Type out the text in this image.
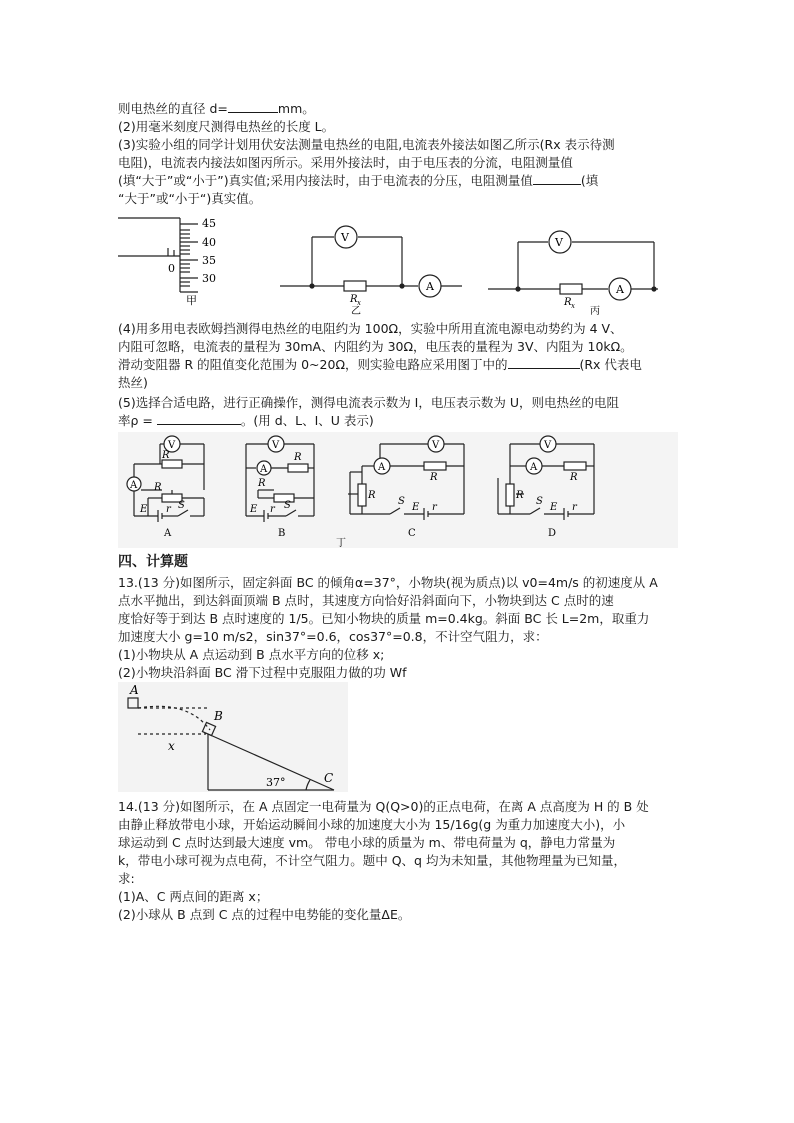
则电热丝的直径 d=	mm。
(2)用毫米刻度尺测得电热丝的长度 L。
(3)实验小组的同学计划用伏安法测量电热丝的电阻,电流表外接法如图乙所示(Rx 表示待测
电阻)，电流表内接法如图丙所示。采用外接法时，由于电压表的分流，电阻测量值
(填“大于”或“小于”)真实值;采用内接法时，由于电流表的分压，电阻测量值	(填
“大于”或“小于“)真实值。
45
40
35
30
0
甲
V
A
R x
乙
V
A
R x 丙
(4)用多用电表欧姆挡测得电热丝的电阻约为 100Ω，实验中所用直流电源电动势约为 4 V、
内阻可忽略，电流表的量程为 30mA、内阻约为 30Ω，电压表的量程为 3V、内阻为 10kΩ。
滑动变阻器 R 的阻值变化范围为 0~20Ω，则实验电路应采用图丁中的	(Rx 代表电
热丝)
(5)选择合适电路，进行正确操作，测得电流表示数为 I，电压表示数为 U，则电热丝的电阻
率ρ =	。(用 d、L、I、U 表示)
V
A
R
R
E	S
r
A
V
A
R
R
E	S
r
B
V
A
R
R
S
E r
C
V
A
R
R
S
E r
D
丁
四、计算题
13.(13 分)如图所示，固定斜面 BC 的倾角α=37°，小物块(视为质点)以 v0=4m/s 的初速度从 A
点水平抛出，到达斜面顶端 B 点时，其速度方向恰好沿斜面向下，小物块到达 C 点时的速
度恰好等于到达 B 点时速度的 1/5。已知小物块的质量 m=0.4kg。斜面 BC 长 L=2m，取重力
加速度大小 g=10 m/s2，sin37°=0.6，cos37°=0.8，不计空气阻力，求：
(1)小物块从 A 点运动到 B 点水平方向的位移 x;
(2)小物块沿斜面 BC 滑下过程中克服阻力做的功 Wf
A
B
C
x
37°
14.(13 分)如图所示，在 A 点固定一电荷量为 Q(Q>0)的正点电荷，在离 A 点高度为 H 的 B 处
由静止释放带电小球，开始运动瞬间小球的加速度大小为 15/16g(g 为重力加速度大小)，小
球运动到 C 点时达到最大速度 vm。 带电小球的质量为 m、带电荷量为 q，静电力常量为
k，带电小球可视为点电荷，不计空气阻力。题中 Q、q 均为未知量，其他物理量为已知量，
求:
(1)A、C 两点间的距离 x；
(2)小球从 B 点到 C 点的过程中电势能的变化量ΔE。
